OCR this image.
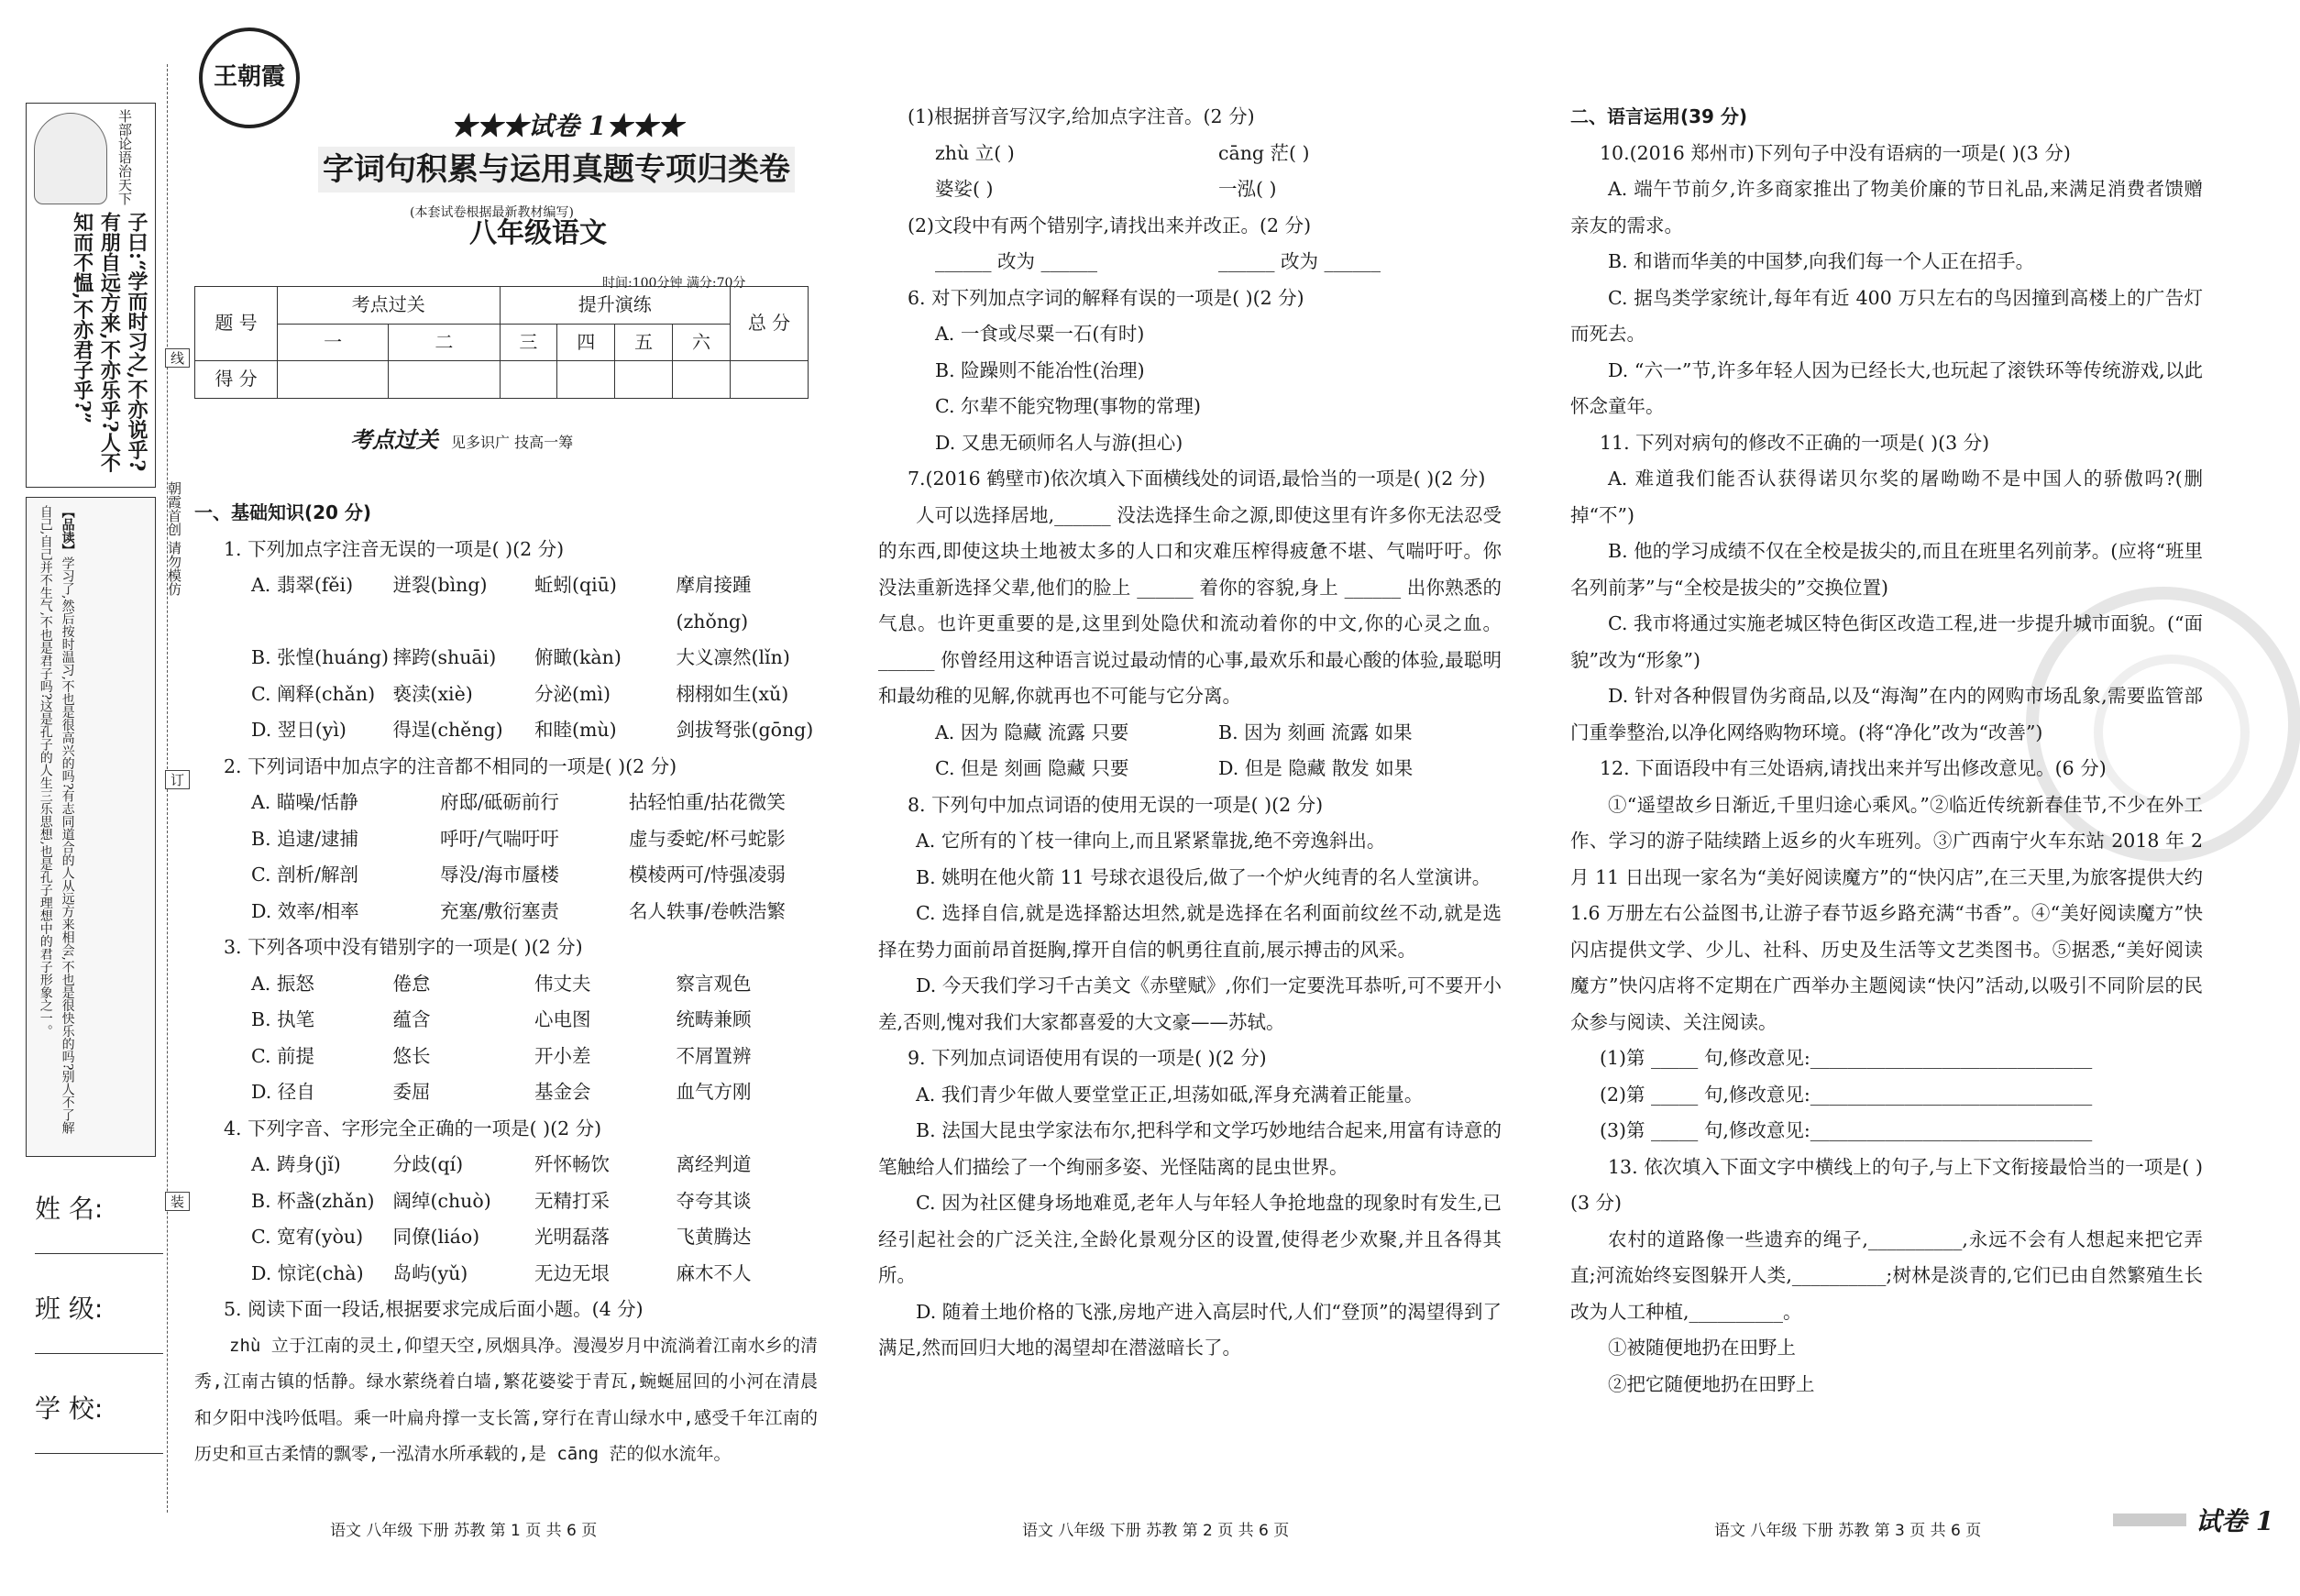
半部论语治天下
子曰:“学而时习之,不亦说乎?有朋自远方来,不亦乐乎?人不知而不愠,不亦君子乎?”
【品读】学习了,然后按时温习,不也是很高兴的吗?有志同道合的人从远方来相会,不也是很快乐的吗?别人不了解自己,自己并不生气,不也是君子吗?这是孔子的人生三乐思想,也是孔子理想中的君子形象之一。
姓 名:
班 级:
学 校:
线
朝霞首创 请勿模仿
订
装
王朝霞
★★★试卷 1★★★
字词句积累与运用真题专项归类卷
(本套试卷根据最新教材编写)
八年级语文
时间:100分钟 满分:70分
题 号	考点过关		提升演练				总 分
	一	二	三	四	五	六	
得 分							
考点过关 见多识广 技高一筹
一、基础知识(20 分)
1. 下列加点字注音无误的一项是( )(2 分)
A. 翡翠(fěi)	迸裂(bìng)	蚯蚓(qiū)	摩肩接踵(zhǒng)
B. 张惶(huáng) 摔跨(shuāi)	俯瞰(kàn)	大义凛然(lǐn)
C. 阐释(chǎn) 亵渎(xiè)	分泌(mì)	栩栩如生(xǔ)
D. 翌日(yì)	得逞(chěng)	和睦(mù)	剑拔弩张(gōng)
2. 下列词语中加点字的注音都不相同的一项是( )(2 分)
A. 瞄噪/恬静	府邸/砥砺前行	拈轻怕重/拈花微笑
B. 追逮/逮捕	呼吁/气喘吁吁	虚与委蛇/杯弓蛇影
C. 剖析/解剖	辱没/海市蜃楼	模棱两可/恃强凌弱
D. 效率/相率	充塞/敷衍塞责	名人轶事/卷帙浩繁
3. 下列各项中没有错别字的一项是( )(2 分)
A. 振怒	倦怠	伟丈夫	察言观色
B. 执笔	蕴含	心电图	统畴兼顾
C. 前提	悠长	开小差	不屑置辨
D. 径自	委屈	基金会	血气方刚
4. 下列字音、字形完全正确的一项是( )(2 分)
A. 踌身(jǐ)	分歧(qí)	歼怀畅饮	离经判道
B. 杯盏(zhǎn) 阔绰(chuò)	无精打采	夺夸其谈
C. 宽宥(yòu)	同僚(liáo)	光明磊落	飞黄腾达
D. 惊诧(chà)	岛屿(yǔ)	无边无垠	麻木不人
5. 阅读下面一段话,根据要求完成后面小题。(4 分)
zhù 立于江南的灵土,仰望天空,夙烟具净。漫漫岁月中流淌着江南水乡的清秀,江南古镇的恬静。绿水萦绕着白墙,繁花婆娑于青瓦,蜿蜒屈回的小河在清晨和夕阳中浅吟低唱。乘一叶扁舟撑一支长篙,穿行在青山绿水中,感受千年江南的历史和亘古柔情的飘零,一泓清水所承载的,是 cāng 茫的似水流年。
(1)根据拼音写汉字,给加点字注音。(2 分)
zhù 立( )	cāng 茫( )
婆娑( )	一泓( )
(2)文段中有两个错别字,请找出来并改正。(2 分)
______ 改为 ______	______ 改为 ______
6. 对下列加点字词的解释有误的一项是( )(2 分)
A. 一食或尽粟一石(有时)
B. 险躁则不能冶性(治理)
C. 尔辈不能究物理(事物的常理)
D. 又患无硕师名人与游(担心)
7.(2016 鹤壁市)依次填入下面横线处的词语,最恰当的一项是( )(2 分)
人可以选择居地,______ 没法选择生命之源,即使这里有许多你无法忍受的东西,即使这块土地被太多的人口和灾难压榨得疲惫不堪、气喘吁吁。你没法重新选择父辈,他们的脸上 ______ 着你的容貌,身上 ______ 出你熟悉的气息。也许更重要的是,这里到处隐伏和流动着你的中文,你的心灵之血。______ 你曾经用这种语言说过最动情的心事,最欢乐和最心酸的体验,最聪明和最幼稚的见解,你就再也不可能与它分离。
A. 因为 隐藏 流露 只要	B. 因为 刻画 流露 如果
C. 但是 刻画 隐藏 只要	D. 但是 隐藏 散发 如果
8. 下列句中加点词语的使用无误的一项是( )(2 分)
A. 它所有的丫枝一律向上,而且紧紧靠拢,绝不旁逸斜出。
B. 姚明在他火箭 11 号球衣退役后,做了一个炉火纯青的名人堂演讲。
C. 选择自信,就是选择豁达坦然,就是选择在名利面前纹丝不动,就是选择在势力面前昂首挺胸,撑开自信的帆勇往直前,展示搏击的风采。
D. 今天我们学习千古美文《赤壁赋》,你们一定要洗耳恭听,可不要开小差,否则,愧对我们大家都喜爱的大文豪——苏轼。
9. 下列加点词语使用有误的一项是( )(2 分)
A. 我们青少年做人要堂堂正正,坦荡如砥,浑身充满着正能量。
B. 法国大昆虫学家法布尔,把科学和文学巧妙地结合起来,用富有诗意的笔触给人们描绘了一个绚丽多姿、光怪陆离的昆虫世界。
C. 因为社区健身场地难觅,老年人与年轻人争抢地盘的现象时有发生,已经引起社会的广泛关注,全龄化景观分区的设置,使得老少欢聚,并且各得其所。
D. 随着土地价格的飞涨,房地产进入高层时代,人们“登顶”的渴望得到了满足,然而回归大地的渴望却在潜滋暗长了。
二、语言运用(39 分)
10.(2016 郑州市)下列句子中没有语病的一项是( )(3 分)
A. 端午节前夕,许多商家推出了物美价廉的节日礼品,来满足消费者馈赠亲友的需求。
B. 和谐而华美的中国梦,向我们每一个人正在招手。
C. 据鸟类学家统计,每年有近 400 万只左右的鸟因撞到高楼上的广告灯而死去。
D. “六一”节,许多年轻人因为已经长大,也玩起了滚铁环等传统游戏,以此怀念童年。
11. 下列对病句的修改不正确的一项是( )(3 分)
A. 难道我们能否认获得诺贝尔奖的屠呦呦不是中国人的骄傲吗?(删掉“不”)
B. 他的学习成绩不仅在全校是拔尖的,而且在班里名列前茅。(应将“班里名列前茅”与“全校是拔尖的”交换位置)
C. 我市将通过实施老城区特色街区改造工程,进一步提升城市面貌。(“面貌”改为“形象”)
D. 针对各种假冒伪劣商品,以及“海淘”在内的网购市场乱象,需要监管部门重拳整治,以净化网络购物环境。(将“净化”改为“改善”)
12. 下面语段中有三处语病,请找出来并写出修改意见。(6 分)
①“遥望故乡日渐近,千里归途心乘风。”②临近传统新春佳节,不少在外工作、学习的游子陆续踏上返乡的火车班列。③广西南宁火车东站 2018 年 2 月 11 日出现一家名为“美好阅读魔方”的“快闪店”,在三天里,为旅客提供大约 1.6 万册左右公益图书,让游子春节返乡路充满“书香”。④“美好阅读魔方”快闪店提供文学、少儿、社科、历史及生活等文艺类图书。⑤据悉,“美好阅读魔方”快闪店将不定期在广西举办主题阅读“快闪”活动,以吸引不同阶层的民众参与阅读、关注阅读。
(1)第 _____ 句,修改意见:______________________________
(2)第 _____ 句,修改意见:______________________________
(3)第 _____ 句,修改意见:______________________________
13. 依次填入下面文字中横线上的句子,与上下文衔接最恰当的一项是( )(3 分)
农村的道路像一些遗弃的绳子,__________,永远不会有人想起来把它弄直;河流始终妄图躲开人类,__________;树林是淡青的,它们已由自然繁殖生长改为人工种植,__________。
①被随便地扔在田野上
②把它随便地扔在田野上
语文 八年级 下册 苏教 第 1 页 共 6 页	语文 八年级 下册 苏教 第 2 页 共 6 页	语文 八年级 下册 苏教 第 3 页 共 6 页	试卷 1
